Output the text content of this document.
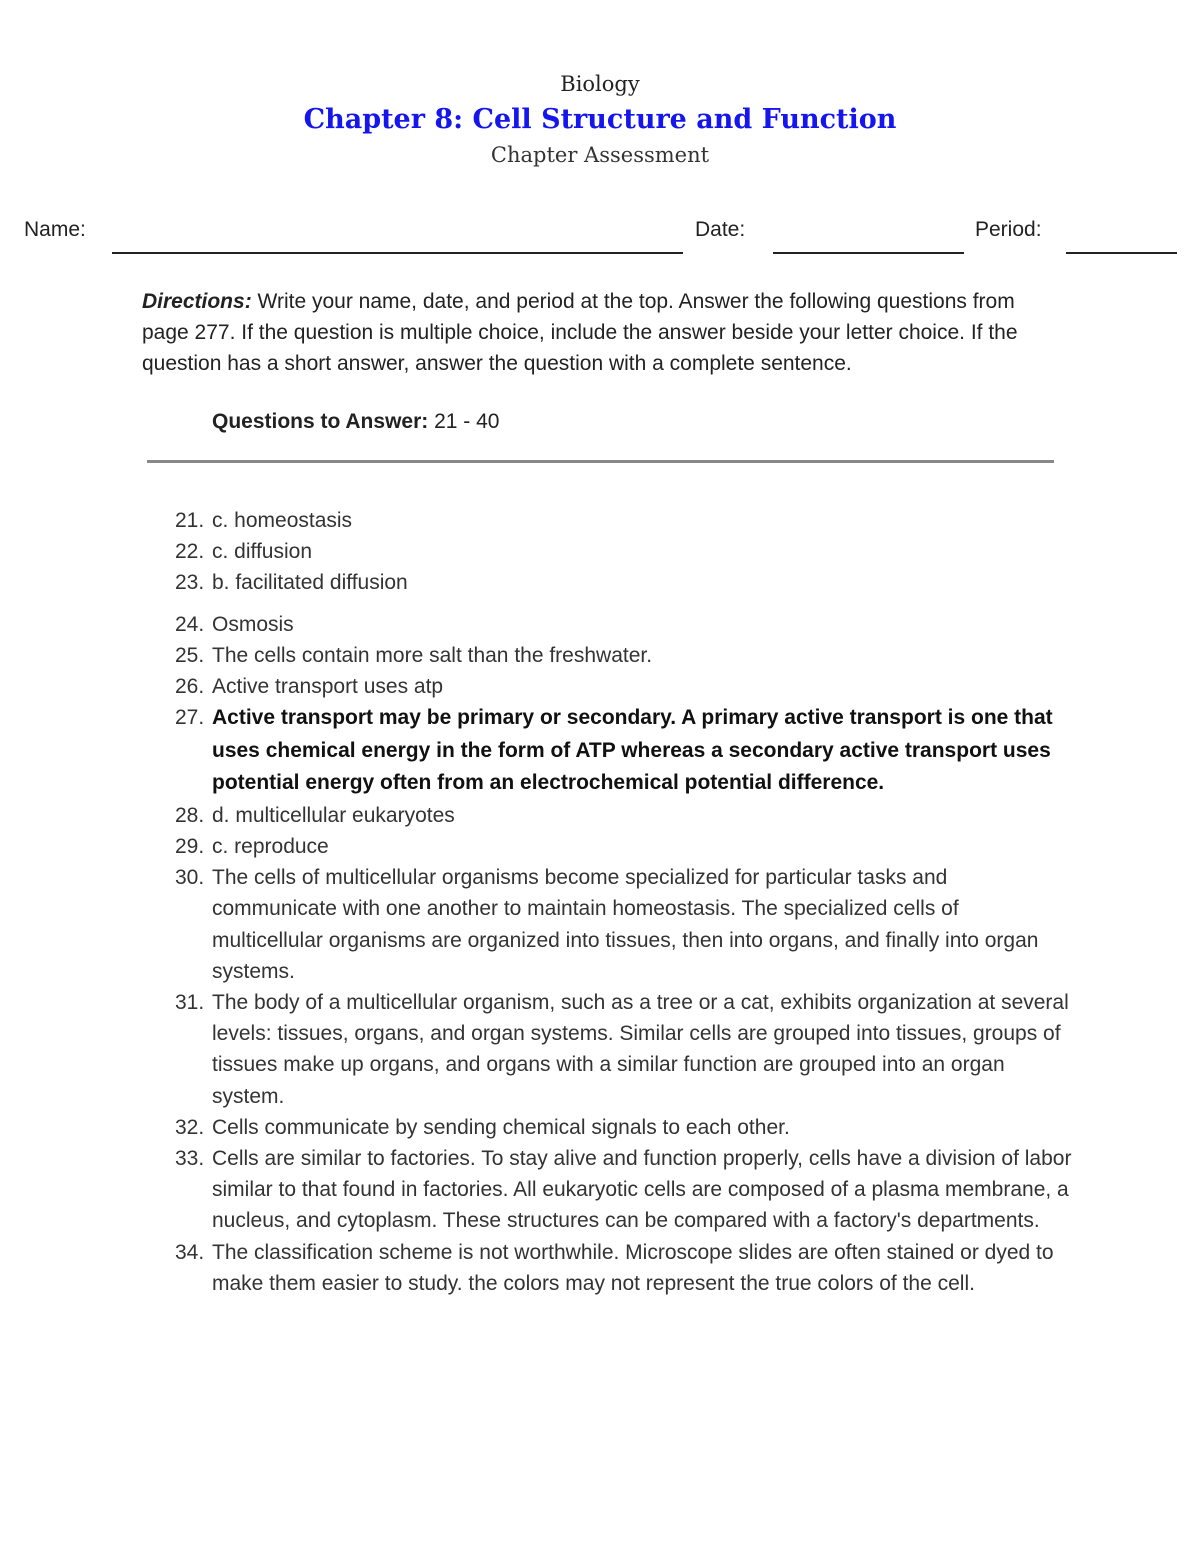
Biology
Chapter 8: Cell Structure and Function
Chapter Assessment
Name:	Date:	Period:
Directions: Write your name, date, and period at the top. Answer the following questions from page 277. If the question is multiple choice, include the answer beside your letter choice. If the question has a short answer, answer the question with a complete sentence.
Questions to Answer: 21 - 40
21. c. homeostasis
22. c. diffusion
23. b. facilitated diffusion
24. Osmosis
25. The cells contain more salt than the freshwater.
26. Active transport uses atp
27. Active transport may be primary or secondary. A primary active transport is one that uses chemical energy in the form of ATP whereas a secondary active transport uses potential energy often from an electrochemical potential difference.
28. d. multicellular eukaryotes
29. c. reproduce
30. The cells of multicellular organisms become specialized for particular tasks and communicate with one another to maintain homeostasis. The specialized cells of multicellular organisms are organized into tissues, then into organs, and finally into organ systems.
31. The body of a multicellular organism, such as a tree or a cat, exhibits organization at several levels: tissues, organs, and organ systems. Similar cells are grouped into tissues, groups of tissues make up organs, and organs with a similar function are grouped into an organ system.
32. Cells communicate by sending chemical signals to each other.
33. Cells are similar to factories. To stay alive and function properly, cells have a division of labor similar to that found in factories. All eukaryotic cells are composed of a plasma membrane, a nucleus, and cytoplasm. These structures can be compared with a factory's departments.
34. The classification scheme is not worthwhile. Microscope slides are often stained or dyed to make them easier to study. the colors may not represent the true colors of the cell.
